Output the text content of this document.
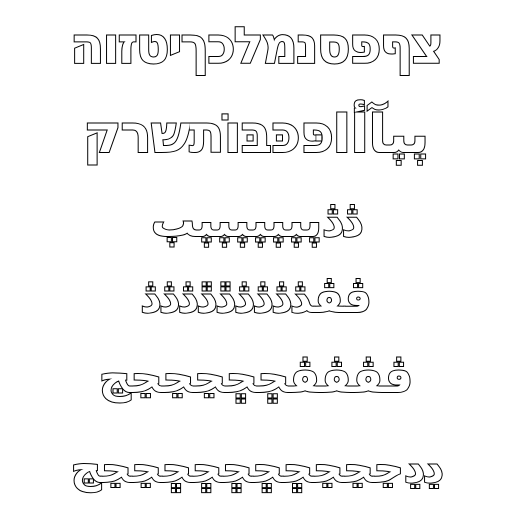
צףפסנמלכךיטזוה
پپآأاפּכּבּוֹתשרק
ڎڎپپپپپپپپ
ڨڤڎڎڎڎڐڐڎڎڎ
ڤڨڨڨڇڇڃڃڃڃ
ڍڍڃڃڃڇڇڇڇڇڃڃڃ
